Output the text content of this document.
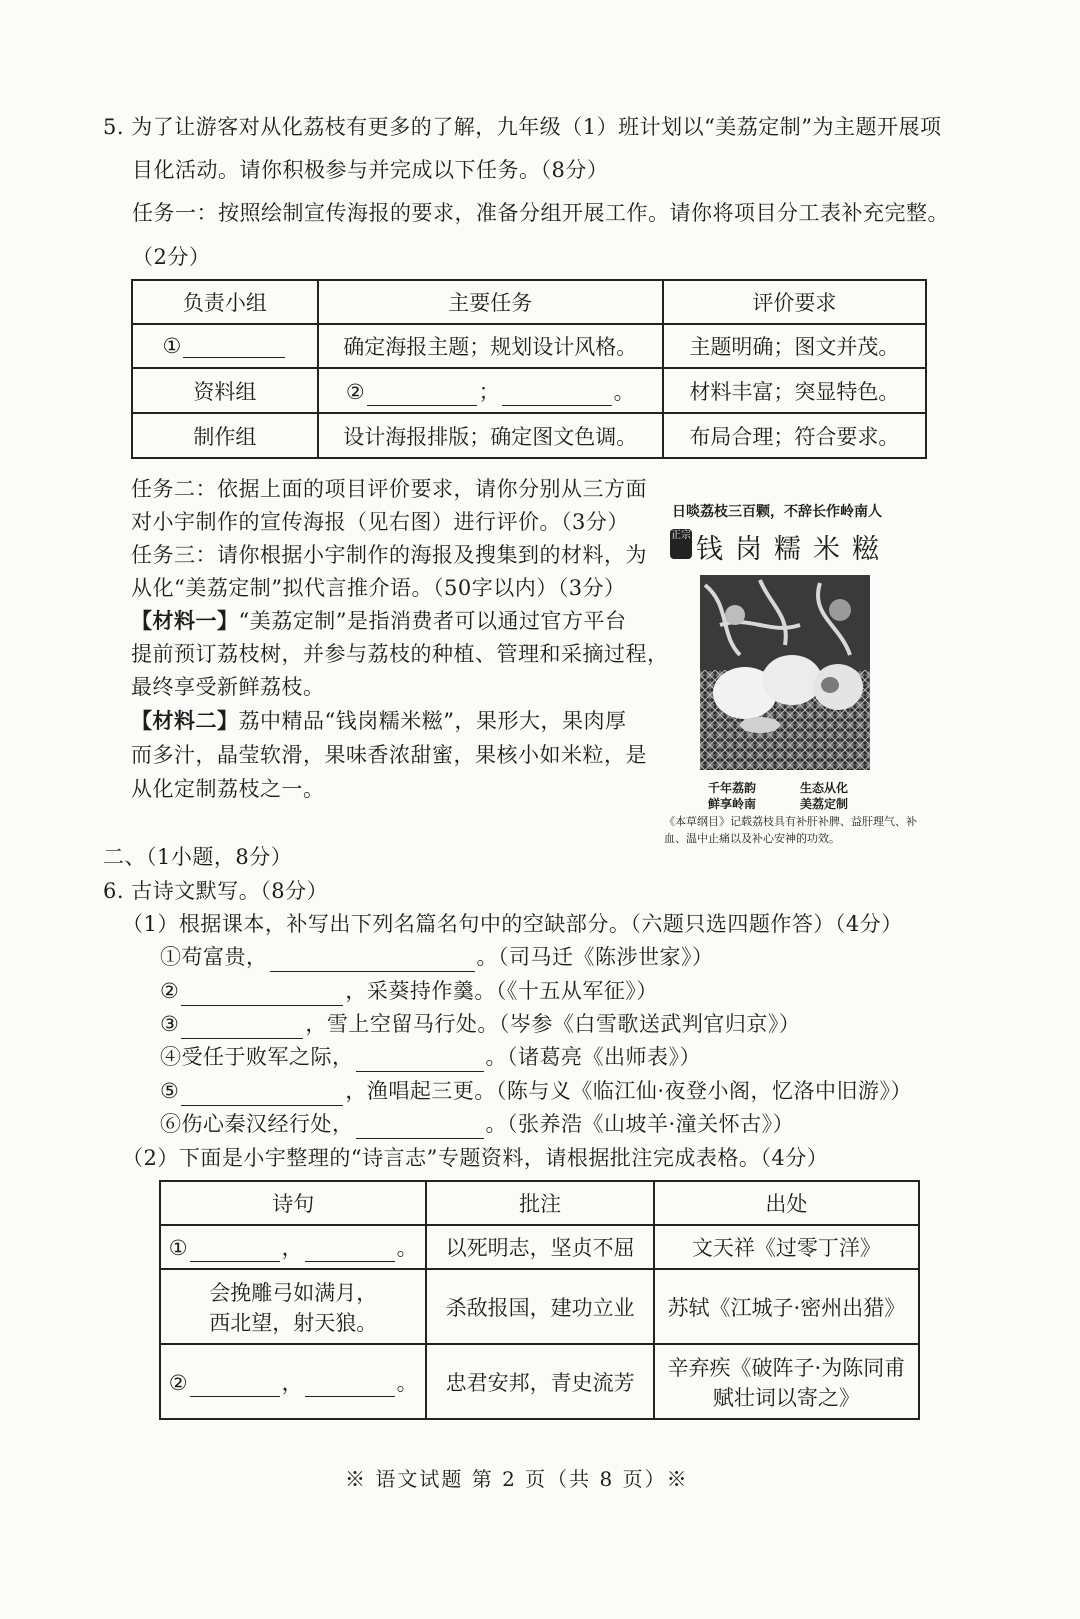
5. 为了让游客对从化荔枝有更多的了解，九年级（1）班计划以“美荔定制”为主题开展项
目化活动。请你积极参与并完成以下任务。（8分）
任务一：按照绘制宣传海报的要求，准备分组开展工作。请你将项目分工表补充完整。
（2分）
负责小组	主要任务	评价要求
①	确定海报主题；规划设计风格。	主题明确；图文并茂。
资料组	② ； 。	材料丰富；突显特色。
制作组	设计海报排版；确定图文色调。	布局合理；符合要求。
任务二：依据上面的项目评价要求，请你分别从三方面
对小宇制作的宣传海报（见右图）进行评价。（3分）
任务三：请你根据小宇制作的海报及搜集到的材料，为
从化“美荔定制”拟代言推介语。（50字以内）（3分）
【材料一】“美荔定制”是指消费者可以通过官方平台
提前预订荔枝树，并参与荔枝的种植、管理和采摘过程，
最终享受新鲜荔枝。
【材料二】荔中精品“钱岗糯米糍”，果形大，果肉厚
而多汁，晶莹软滑，果味香浓甜蜜，果核小如米粒，是
从化定制荔枝之一。
日啖荔枝三百颗，不辞长作岭南人
正宗 钱岗糯米糍
千年荔韵
鲜享岭南
生态从化
美荔定制
《本草纲目》记载荔枝具有补肝补脾、益肝理气、补血、温中止痛以及补心安神的功效。
二、（1小题，8分）
6. 古诗文默写。（8分）
（1）根据课本，补写出下列名篇名句中的空缺部分。（六题只选四题作答）（4分）
①苟富贵，	。（司马迁《陈涉世家》）
②	，采葵持作羹。（《十五从军征》）
③	，雪上空留马行处。（岑参《白雪歌送武判官归京》）
④受任于败军之际，	。（诸葛亮《出师表》）
⑤	，渔唱起三更。（陈与义《临江仙·夜登小阁，忆洛中旧游》）
⑥伤心秦汉经行处，	。（张养浩《山坡羊·潼关怀古》）
（2）下面是小宇整理的“诗言志”专题资料，请根据批注完成表格。（4分）
诗句	批注	出处
① ， 。	以死明志，坚贞不屈	文天祥《过零丁洋》

会挽雕弓如满月，
西北望，射天狼。	杀敌报国，建功立业	苏轼《江城子·密州出猎》
② ， 。	忠君安邦，青史流芳	辛弃疾《破阵子·为陈同甫
赋壮词以寄之》
※ 语文试题 第 2 页（共 8 页）※
